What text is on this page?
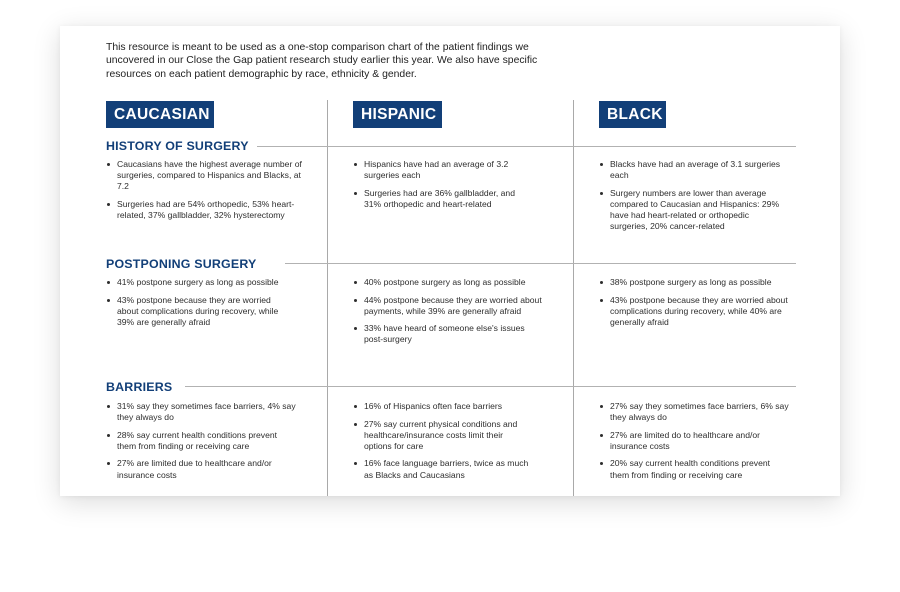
This resource is meant to be used as a one-stop comparison chart of the patient findings we uncovered in our Close the Gap patient research study earlier this year. We also have specific resources on each patient demographic by race, ethnicity & gender.

CAUCASIAN	HISPANIC	BLACK
HISTORY OF SURGERY
POSTPONING SURGERY
BARRIERS
Caucasians have the highest average number of surgeries, compared to Hispanics and Blacks, at 7.2
Surgeries had are 54% orthopedic, 53% heart-related, 37% gallbladder, 32% hysterectomy
Hispanics have had an average of 3.2 surgeries each
Surgeries had are 36% gallbladder, and 31% orthopedic and heart-related
Blacks have had an average of 3.1 surgeries each
Surgery numbers are lower than average compared to Caucasian and Hispanics: 29% have had heart-related or orthopedic surgeries, 20% cancer-related
41% postpone surgery as long as possible
43% postpone because they are worried about complications during recovery, while 39% are generally afraid
40% postpone surgery as long as possible
44% postpone because they are worried about payments, while 39% are generally afraid
33% have heard of someone else's issues post-surgery
38% postpone surgery as long as possible
43% postpone because they are worried about complications during recovery, while 40% are generally afraid
31% say they sometimes face barriers, 4% say they always do
28% say current health conditions prevent them from finding or receiving care
27% are limited due to healthcare and/or insurance costs
16% of Hispanics often face barriers
27% say current physical conditions and healthcare/insurance costs limit their options for care
16% face language barriers, twice as much as Blacks and Caucasians
27% say they sometimes face barriers, 6% say they always do
27% are limited do to healthcare and/or insurance costs
20% say current health conditions prevent them from finding or receiving care
